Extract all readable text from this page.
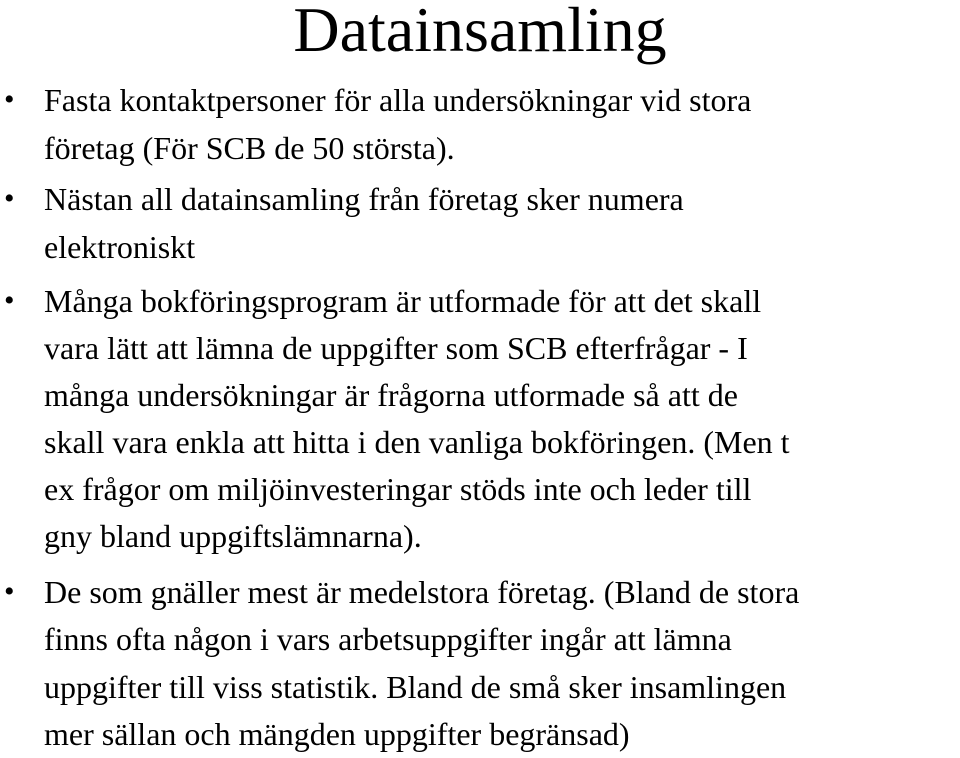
Datainsamling
• Fasta kontaktpersoner för alla undersökningar vid stora
företag (För SCB de 50 största).
• Nästan all datainsamling från företag sker numera
elektroniskt
• Många bokföringsprogram är utformade för att det skall
vara lätt att lämna de uppgifter som SCB efterfrågar - I
många undersökningar är frågorna utformade så att de
skall vara enkla att hitta i den vanliga bokföringen. (Men t
ex frågor om miljöinvesteringar stöds inte och leder till
gny bland uppgiftslämnarna).
• De som gnäller mest är medelstora företag. (Bland de stora
finns ofta någon i vars arbetsuppgifter ingår att lämna
uppgifter till viss statistik. Bland de små sker insamlingen
mer sällan och mängden uppgifter begränsad)
